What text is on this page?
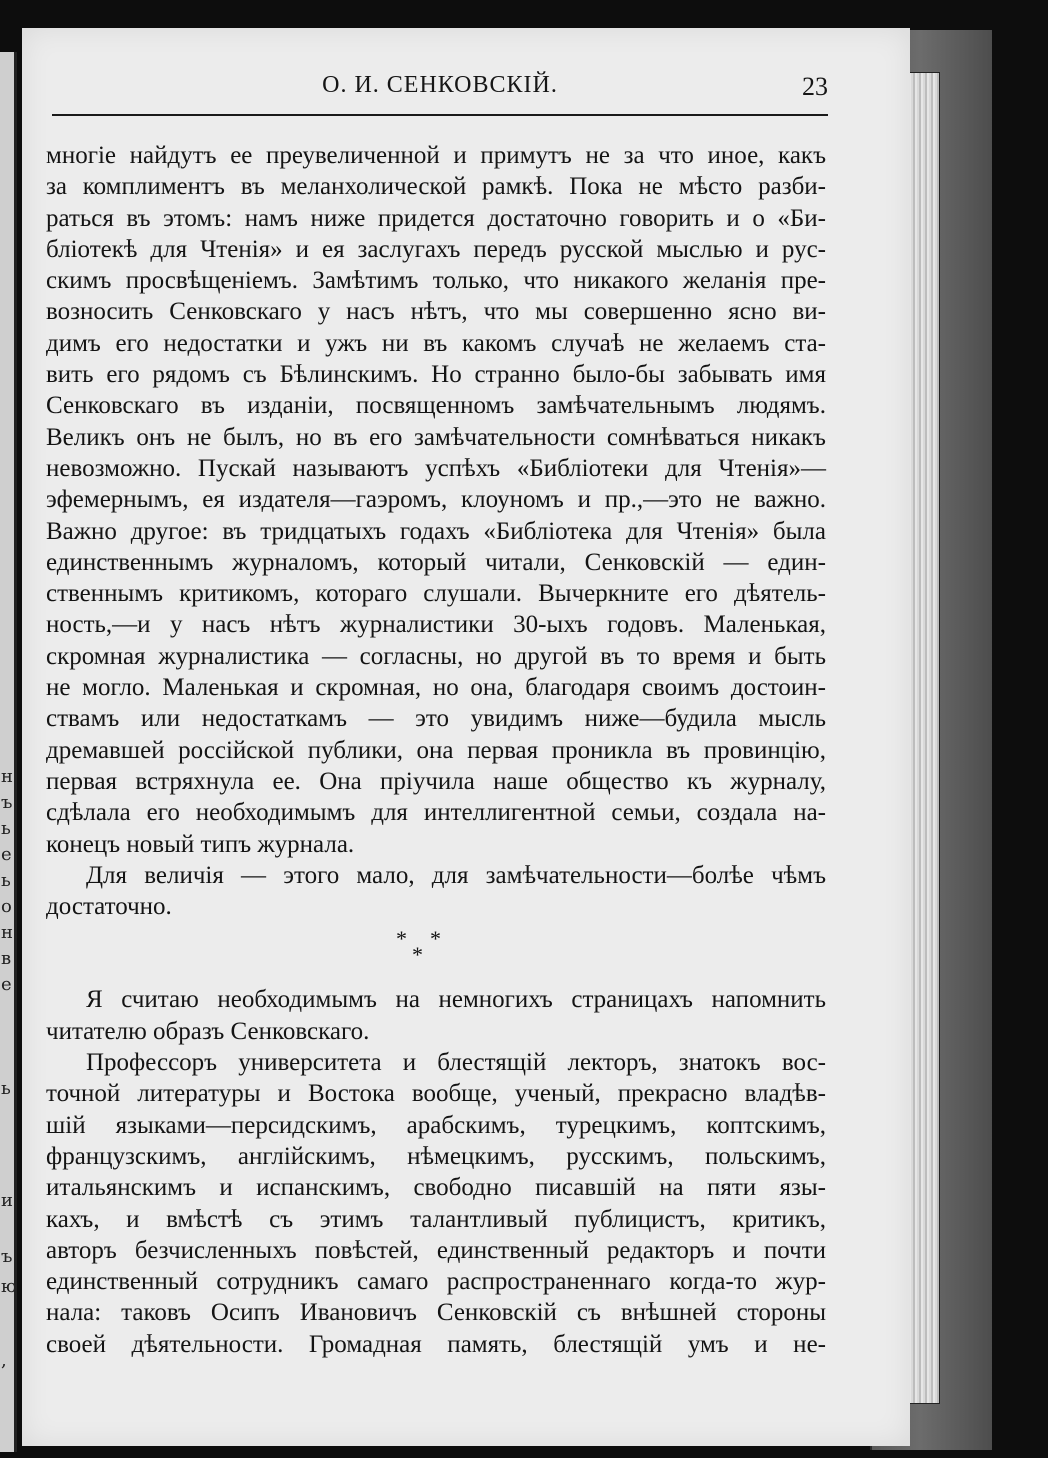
ъ
н
ь
е
ь
о
н
в
е
ь
и
ъ
ю
,
О. И. СЕНКОВСКІЙ.	23
многіе найдутъ ее преувеличенной и примутъ не за что иное, какъ
за комплиментъ въ меланхолической рамкѣ. Пока не мѣсто разби-
раться въ этомъ: намъ ниже придется достаточно говорить и о «Би-
бліотекѣ для Чтенія» и ея заслугахъ передъ русской мыслью и рус-
скимъ просвѣщеніемъ. Замѣтимъ только, что никакого желанія пре-
возносить Сенковскаго у насъ нѣтъ, что мы совершенно ясно ви-
димъ его недостатки и ужъ ни въ какомъ случаѣ не желаемъ ста-
вить его рядомъ съ Бѣлинскимъ. Но странно было-бы забывать имя
Сенковскаго въ изданіи, посвященномъ замѣчательнымъ людямъ.
Великъ онъ не былъ, но въ его замѣчательности сомнѣваться никакъ
невозможно. Пускай называютъ успѣхъ «Библіотеки для Чтенія»—
эфемернымъ, ея издателя—гаэромъ, клоуномъ и пр.,—это не важно.
Важно другое: въ тридцатыхъ годахъ «Библіотека для Чтенія» была
единственнымъ журналомъ, который читали, Сенковскій — един-
ственнымъ критикомъ, котораго слушали. Вычеркните его дѣятель-
ность,—и у насъ нѣтъ журналистики 30-ыхъ годовъ. Маленькая,
скромная журналистика — согласны, но другой въ то время и быть
не могло. Маленькая и скромная, но она, благодаря своимъ достоин-
ствамъ или недостаткамъ — это увидимъ ниже—будила мысль
дремавшей россійской публики, она первая проникла въ провинцію,
первая встряхнула ее. Она пріучила наше общество къ журналу,
сдѣлала его необходимымъ для интеллигентной семьи, создала на-
конецъ новый типъ журнала.
Для величія — этого мало, для замѣчательности—болѣе чѣмъ
достаточно.
* *
*
Я считаю необходимымъ на немногихъ страницахъ напомнить
читателю образъ Сенковскаго.
Профессоръ университета и блестящій лекторъ, знатокъ вос-
точной литературы и Востока вообще, ученый, прекрасно владѣв-
шій языками—персидскимъ, арабскимъ, турецкимъ, коптскимъ,
французскимъ, англійскимъ, нѣмецкимъ, русскимъ, польскимъ,
итальянскимъ и испанскимъ, свободно писавшій на пяти язы-
кахъ, и вмѣстѣ съ этимъ талантливый публицистъ, критикъ,
авторъ безчисленныхъ повѣстей, единственный редакторъ и почти
единственный сотрудникъ самаго распространеннаго когда-то жур-
нала: таковъ Осипъ Ивановичъ Сенковскій съ внѣшней стороны
своей дѣятельности. Громадная память, блестящій умъ и не-
